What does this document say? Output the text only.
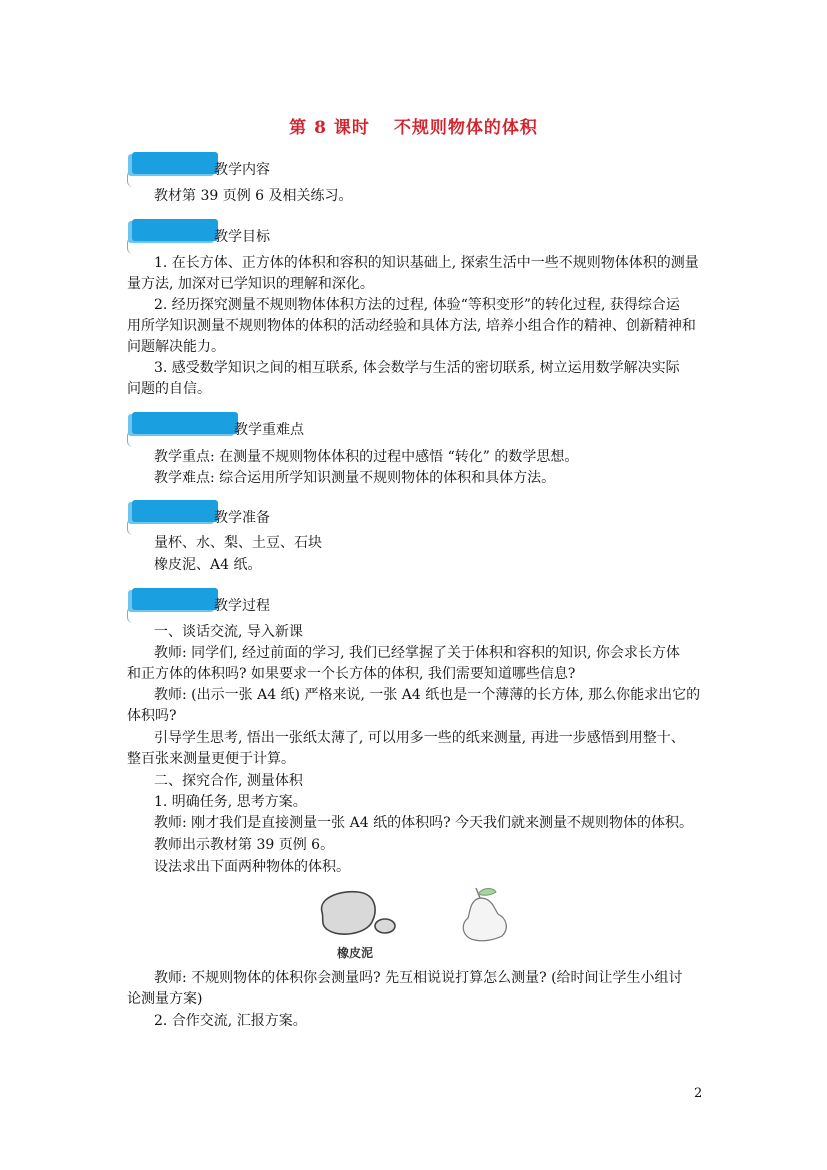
第 8 课时 不规则物体的体积
教学内容
教材第 39 页例 6 及相关练习。
教学目标
1. 在长方体、正方体的体积和容积的知识基础上, 探索生活中一些不规则物体体积的测量
量方法, 加深对已学知识的理解和深化。
2. 经历探究测量不规则物体体积方法的过程, 体验“等积变形”的转化过程, 获得综合运
用所学知识测量不规则物体的体积的活动经验和具体方法, 培养小组合作的精神、创新精神和
问题解决能力。
3. 感受数学知识之间的相互联系, 体会数学与生活的密切联系, 树立运用数学解决实际
问题的自信。
教学重难点
教学重点: 在测量不规则物体体积的过程中感悟 “转化” 的数学思想。
教学难点: 综合运用所学知识测量不规则物体的体积和具体方法。
教学准备
量杯、水、梨、土豆、石块
橡皮泥、A4 纸。
教学过程
一、谈话交流, 导入新课
教师: 同学们, 经过前面的学习, 我们已经掌握了关于体积和容积的知识, 你会求长方体
和正方体的体积吗? 如果要求一个长方体的体积, 我们需要知道哪些信息?
教师: (出示一张 A4 纸) 严格来说, 一张 A4 纸也是一个薄薄的长方体, 那么你能求出它的
体积吗?
引导学生思考, 悟出一张纸太薄了, 可以用多一些的纸来测量, 再进一步感悟到用整十、
整百张来测量更便于计算。
二、探究合作, 测量体积
1. 明确任务, 思考方案。
教师: 刚才我们是直接测量一张 A4 纸的体积吗? 今天我们就来测量不规则物体的体积。
教师出示教材第 39 页例 6。
设法求出下面两种物体的体积。
橡皮泥
教师: 不规则物体的体积你会测量吗? 先互相说说打算怎么测量? (给时间让学生小组讨
论测量方案)
2. 合作交流, 汇报方案。
2
